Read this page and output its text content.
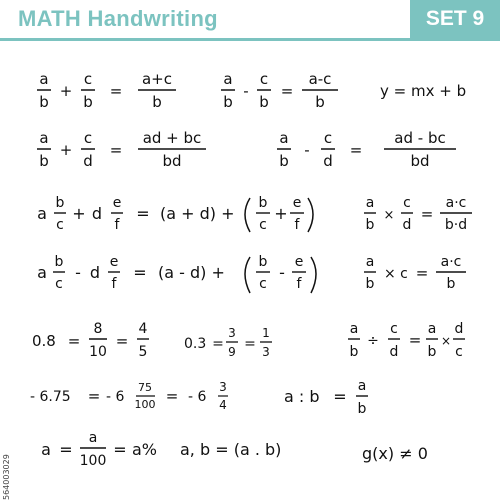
MATH Handwriting	SET 9
a
b
+
c
b
=
a+c
b
a
b
-
c
b
=
a-c
b
y = mx + b
a
b
+
c
d
=
ad + bc
bd
a
b
-
c
d
=
ad - bc
bd
a
b
c
+ d
e
f
= (a + d) +
b
c
+
e
f
a
b
×
c
d
=
a·c
b·d
a
b
c
- d
e
f
= (a - d) +
b
c
-
e
f
a
b
× c =
a·c
b
0.8 =
8
10
=
4
5	0.3 =
3
9 =
1
3
a
b
÷
c
d
=
a
b
×
d
c
- 6.75 = - 6
75
100 = - 6
3
4	a : b =
a
b
a =
a
100
= a% a, b = (a . b)	g(x) ≠ 0
564003029
